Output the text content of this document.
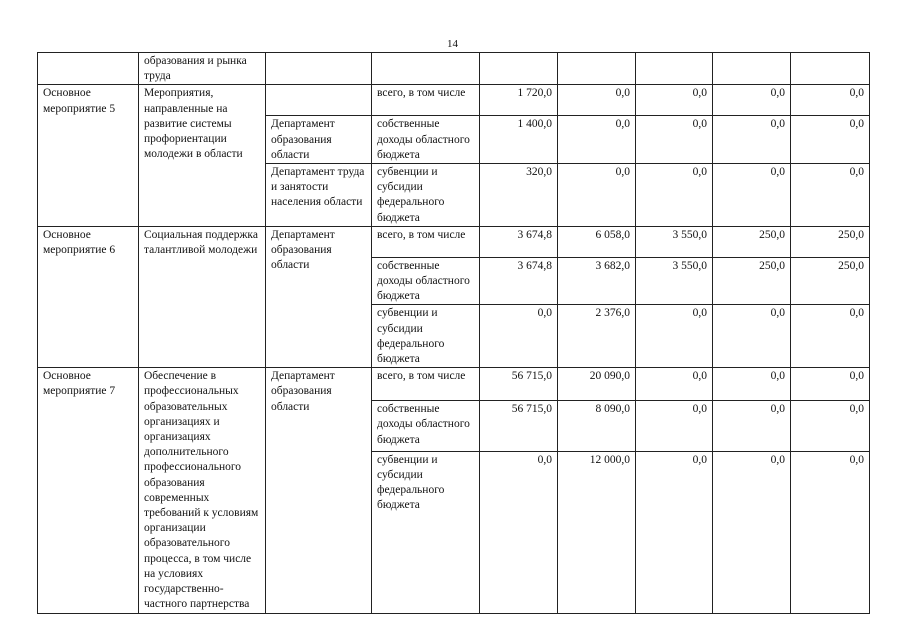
14
	образования и рынка труда							
Основное мероприятие 5	Мероприятия, направленные на развитие системы профориентации молодежи в области		всего, в том числе	1 720,0	0,0	0,0	0,0	0,0
		Департамент образования области	собственные доходы областного бюджета	1 400,0	0,0	0,0	0,0	0,0
		Департамент труда и занятости населения области	субвенции и субсидии федерального бюджета	320,0	0,0	0,0	0,0	0,0
Основное мероприятие 6	Социальная поддержка талантливой молодежи	Департамент образования области	всего, в том числе	3 674,8	6 058,0	3 550,0	250,0	250,0
			собственные доходы областного бюджета	3 674,8	3 682,0	3 550,0	250,0	250,0
			субвенции и субсидии федерального бюджета	0,0	2 376,0	0,0	0,0	0,0
Основное мероприятие 7	Обеспечение в профессиональных образовательных организациях и организациях дополнительного профессионального образования современных требований к условиям организации образовательного процесса, в том числе на условиях государственно-частного партнерства	Департамент образования области	всего, в том числе	56 715,0	20 090,0	0,0	0,0	0,0
			собственные доходы областного бюджета	56 715,0	8 090,0	0,0	0,0	0,0
			субвенции и субсидии федерального бюджета	0,0	12 000,0	0,0	0,0	0,0
